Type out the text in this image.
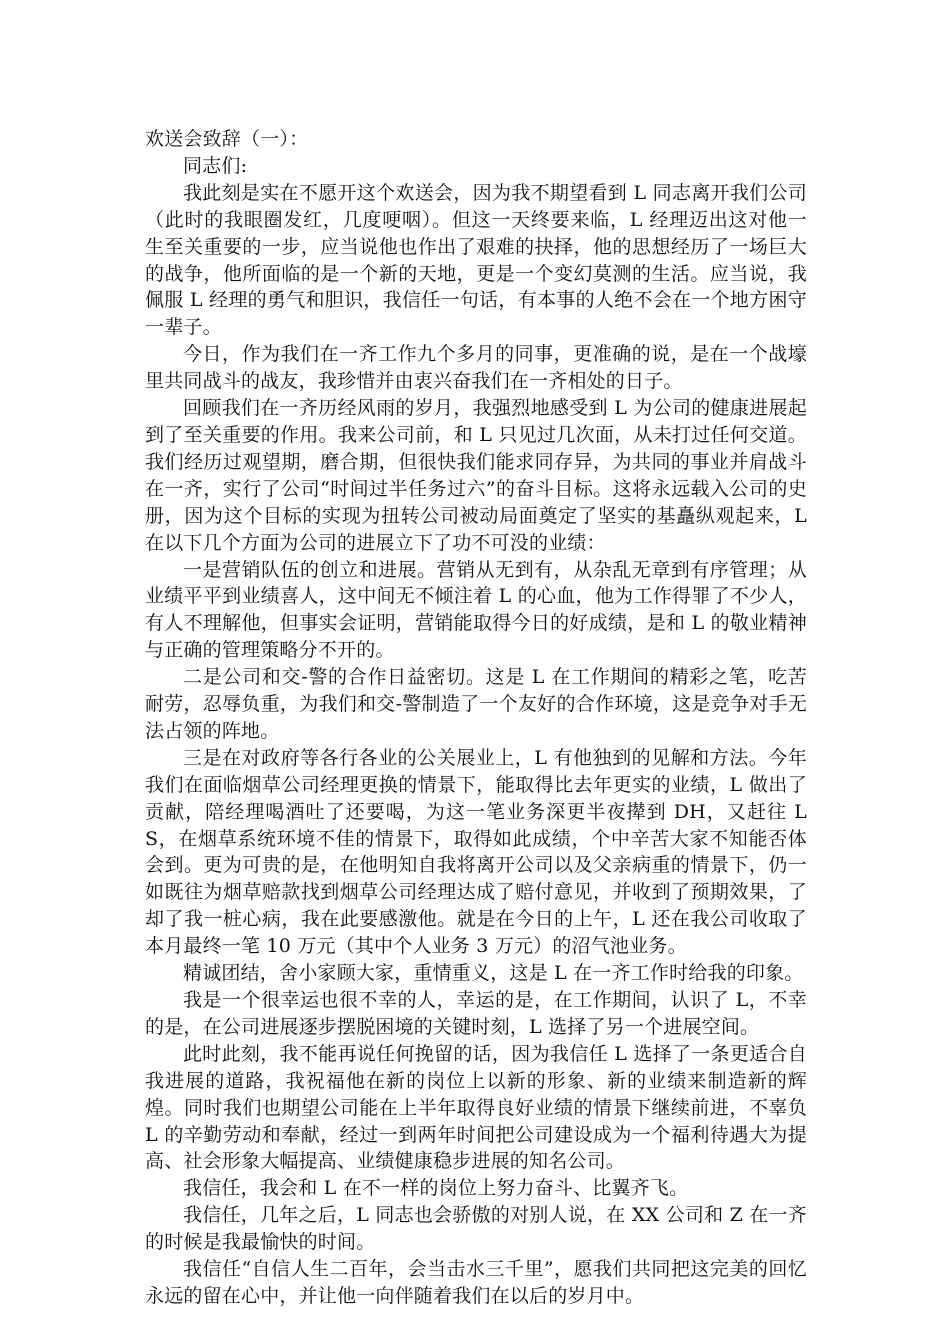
欢送会致辞（一）：

同志们:

我此刻是实在不愿开这个欢送会，因为我不期望看到 L 同志离开我们公司（此时的我眼圈发红，几度哽咽）。但这一天终要来临，L 经理迈出这对他一生至关重要的一步，应当说他也作出了艰难的抉择，他的思想经历了一场巨大的战争，他所面临的是一个新的天地，更是一个变幻莫测的生活。应当说，我佩服 L 经理的勇气和胆识，我信任一句话，有本事的人绝不会在一个地方困守一辈子。

今日，作为我们在一齐工作九个多月的同事，更准确的说，是在一个战壕里共同战斗的战友，我珍惜并由衷兴奋我们在一齐相处的日子。

回顾我们在一齐历经风雨的岁月，我强烈地感受到 L 为公司的健康进展起到了至关重要的作用。我来公司前，和 L 只见过几次面，从未打过任何交道。我们经历过观望期，磨合期，但很快我们能求同存异，为共同的事业并肩战斗在一齐，实行了公司“时间过半任务过六”的奋斗目标。这将永远载入公司的史册，因为这个目标的实现为扭转公司被动局面奠定了坚实的基矗纵观起来，L 在以下几个方面为公司的进展立下了功不可没的业绩：

一是营销队伍的创立和进展。营销从无到有，从杂乱无章到有序管理；从业绩平平到业绩喜人，这中间无不倾注着 L 的心血，他为工作得罪了不少人，有人不理解他，但事实会证明，营销能取得今日的好成绩，是和 L 的敬业精神与正确的管理策略分不开的。

二是公司和交-警的合作日益密切。这是 L 在工作期间的精彩之笔，吃苦耐劳，忍辱负重，为我们和交-警制造了一个友好的合作环境，这是竞争对手无法占领的阵地。

三是在对政府等各行各业的公关展业上，L 有他独到的见解和方法。今年我们在面临烟草公司经理更换的情景下，能取得比去年更实的业绩，L 做出了贡献，陪经理喝酒吐了还要喝，为这一笔业务深更半夜撵到 DH，又赶往 LS，在烟草系统环境不佳的情景下，取得如此成绩，个中辛苦大家不知能否体会到。更为可贵的是，在他明知自我将离开公司以及父亲病重的情景下，仍一如既往为烟草赔款找到烟草公司经理达成了赔付意见，并收到了预期效果，了却了我一桩心病，我在此要感激他。就是在今日的上午，L 还在我公司收取了本月最终一笔 10 万元（其中个人业务 3 万元）的沼气池业务。

精诚团结，舍小家顾大家，重情重义，这是 L 在一齐工作时给我的印象。

我是一个很幸运也很不幸的人，幸运的是，在工作期间，认识了 L，不幸的是，在公司进展逐步摆脱困境的关键时刻，L 选择了另一个进展空间。

此时此刻，我不能再说任何挽留的话，因为我信任 L 选择了一条更适合自我进展的道路，我祝福他在新的岗位上以新的形象、新的业绩来制造新的辉煌。同时我们也期望公司能在上半年取得良好业绩的情景下继续前进，不辜负 L 的辛勤劳动和奉献，经过一到两年时间把公司建设成为一个福利待遇大为提高、社会形象大幅提高、业绩健康稳步进展的知名公司。

我信任，我会和 L 在不一样的岗位上努力奋斗、比翼齐飞。

我信任，几年之后，L 同志也会骄傲的对别人说，在 XX 公司和 Z 在一齐的时候是我最愉快的时间。

我信任“自信人生二百年，会当击水三千里”，愿我们共同把这完美的回忆永远的留在心中，并让他一向伴随着我们在以后的岁月中。
